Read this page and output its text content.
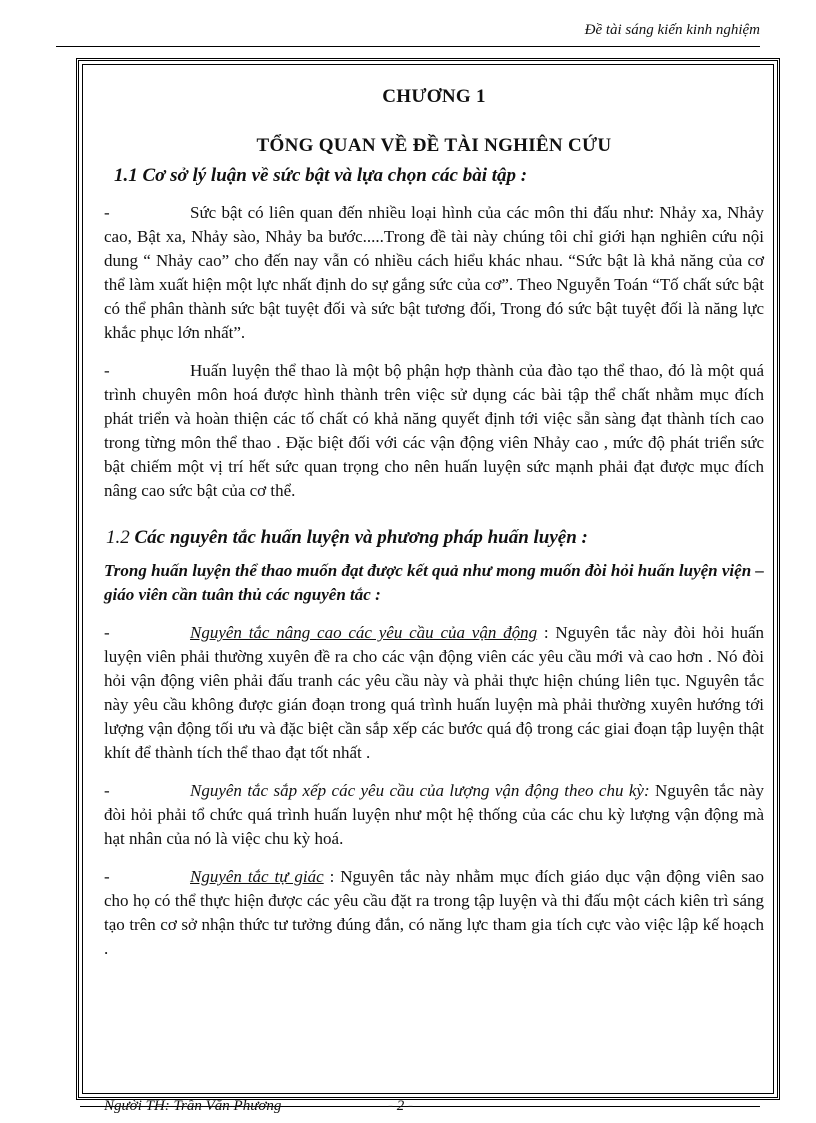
Đề tài sáng kiến kinh nghiệm

CHƯƠNG 1

TỔNG QUAN VỀ ĐỀ TÀI NGHIÊN CỨU

1.1 Cơ sở lý luận về sức bật và lựa chọn các bài tập :

-	Sức bật có liên quan đến nhiều loại hình của các môn thi đấu như: Nhảy xa, Nhảy cao, Bật xa, Nhảy sào, Nhảy ba bước.....Trong đề tài này chúng tôi chỉ giới hạn nghiên cứu nội dung “ Nhảy cao” cho đến nay vẫn có nhiều cách hiểu khác nhau. “Sức bật là khả năng của cơ thể làm xuất hiện một lực nhất định do sự gắng sức của cơ”. Theo Nguyễn Toán “Tố chất sức bật có thể phân thành sức bật tuyệt đối và sức bật tương đối, Trong đó sức bật tuyệt đối là năng lực khắc phục lớn nhất”.

-	Huấn luyện thể thao là một bộ phận hợp thành của đào tạo thể thao, đó là một quá trình chuyên môn hoá được hình thành trên việc sử dụng các bài tập thể chất nhằm mục đích phát triển và hoàn thiện các tố chất có khả năng quyết định tới việc sẵn sàng đạt thành tích cao trong từng môn thể thao . Đặc biệt đối với các vận động viên Nhảy cao , mức độ phát triển sức bật chiếm một vị trí hết sức quan trọng cho nên huấn luyện sức mạnh phải đạt được mục đích nâng cao sức bật của cơ thể.

1.2 Các nguyên tắc huấn luyện và phương pháp huấn luyện :

Trong huấn luyện thể thao muốn đạt được kết quả như mong muốn đòi hỏi huấn luyện viện – giáo viên cần tuân thủ các nguyên tắc :

-	Nguyên tắc nâng cao các yêu cầu của vận động : Nguyên tắc này đòi hỏi huấn luyện viên phải thường xuyên đề ra cho các vận động viên các yêu cầu mới và cao hơn . Nó đòi hỏi vận động viên phải đấu tranh các yêu cầu này và phải thực hiện chúng liên tục. Nguyên tắc này yêu cầu không được gián đoạn trong quá trình huấn luyện mà phải thường xuyên hướng tới lượng vận động tối ưu và đặc biệt cần sắp xếp các bước quá độ trong các giai đoạn tập luyện thật khít để thành tích thể thao đạt tốt nhất .

-	Nguyên tắc sắp xếp các yêu cầu của lượng vận động theo chu kỳ: Nguyên tắc này đòi hỏi phải tổ chức quá trình huấn luyện như một hệ thống của các chu kỳ lượng vận động mà hạt nhân của nó là việc chu kỳ hoá.

-	Nguyên tắc tự giác : Nguyên tắc này nhằm mục đích giáo dục vận động viên sao cho họ có thể thực hiện được các yêu cầu đặt ra trong tập luyện và thi đấu một cách kiên trì sáng tạo trên cơ sở nhận thức tư tưởng đúng đắn, có năng lực tham gia tích cực vào việc lập kế hoạch .

Người TH: Trần Văn Phương	- 2 -
